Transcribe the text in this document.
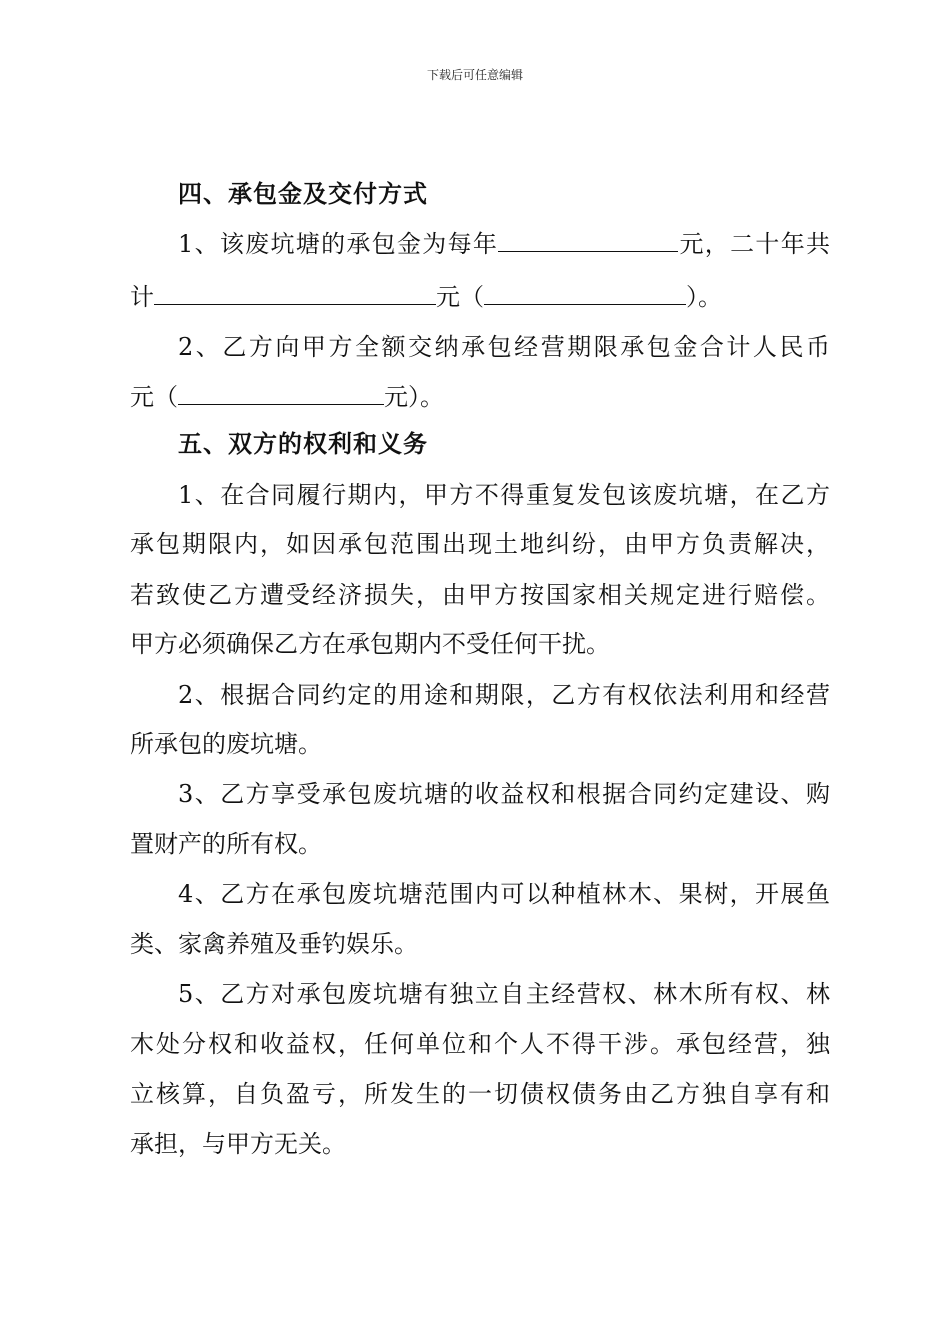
下载后可任意编辑
四、承包金及交付方式
1、该废坑塘的承包金为每年	元，二十年共
计	元（	）。
2、乙方向甲方全额交纳承包经营期限承包金合计人民币
元（	元）。
五、双方的权利和义务
1、在合同履行期内，甲方不得重复发包该废坑塘，在乙方
承包期限内，如因承包范围出现土地纠纷，由甲方负责解决，
若致使乙方遭受经济损失，由甲方按国家相关规定进行赔偿。
甲方必须确保乙方在承包期内不受任何干扰。
2、根据合同约定的用途和期限，乙方有权依法利用和经营
所承包的废坑塘。
3、乙方享受承包废坑塘的收益权和根据合同约定建设、购
置财产的所有权。
4、乙方在承包废坑塘范围内可以种植林木、果树，开展鱼
类、家禽养殖及垂钓娱乐。
5、乙方对承包废坑塘有独立自主经营权、林木所有权、林
木处分权和收益权，任何单位和个人不得干涉。承包经营，独
立核算，自负盈亏，所发生的一切债权债务由乙方独自享有和
承担，与甲方无关。
